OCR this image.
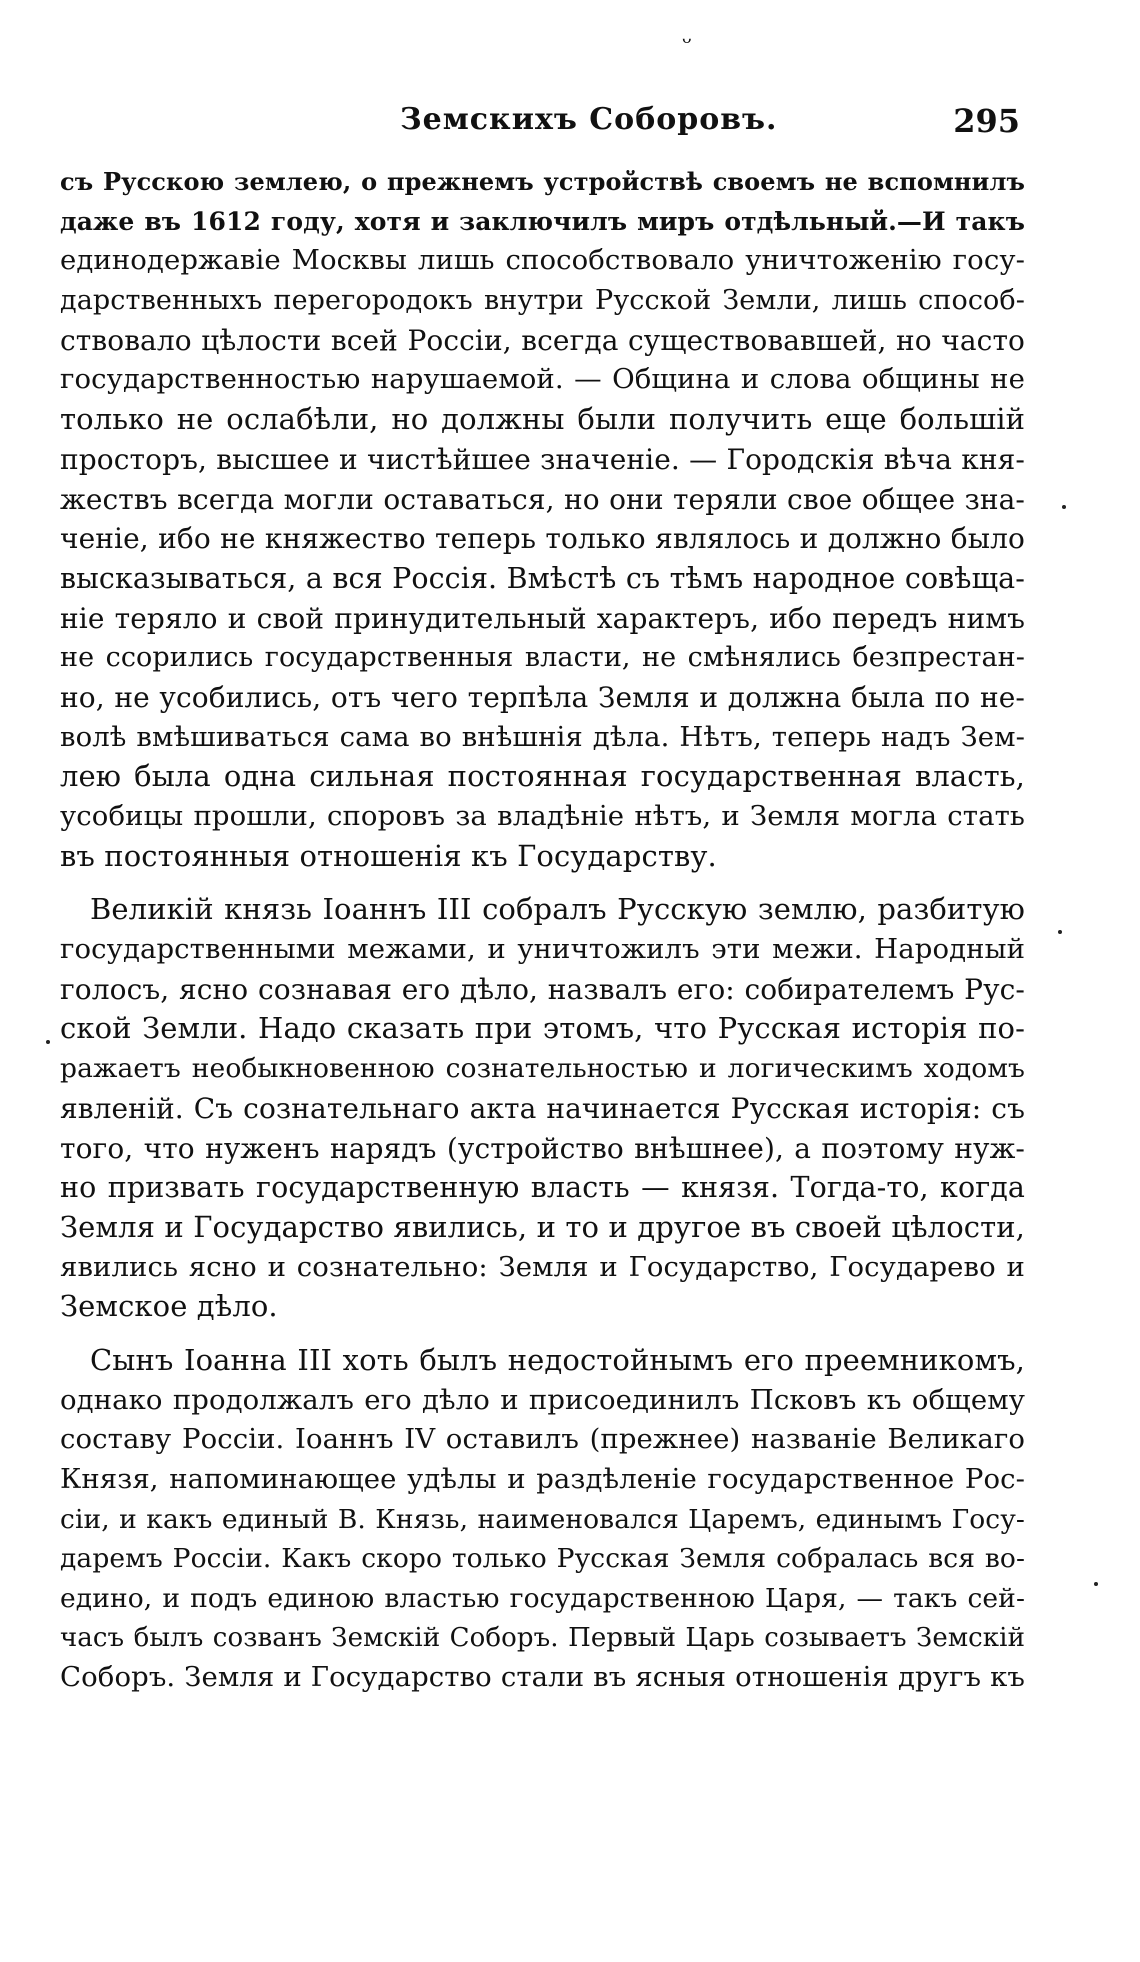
ᴗ
Земскихъ Соборовъ.	295
съ Русскою землею, о прежнемъ устройствѣ своемъ не вспомнилъ
даже въ 1612 году, хотя и заключилъ миръ отдѣльный.—И такъ
единодержавіе Москвы лишь способствовало уничтоженію госу-
дарственныхъ перегородокъ внутри Русской Земли, лишь способ-
ствовало цѣлости всей Россіи, всегда существовавшей, но часто
государственностью нарушаемой. — Община и слова общины не
только не ослабѣли, но должны были получить еще большій
просторъ, высшее и чистѣйшее значеніе. — Городскія вѣча кня-
жествъ всегда могли оставаться, но они теряли свое общее зна-
ченіе, ибо не княжество теперь только являлось и должно было
высказываться, а вся Россія. Вмѣстѣ съ тѣмъ народное совѣща-
ніе теряло и свой принудительный характеръ, ибо передъ нимъ
не ссорились государственныя власти, не смѣнялись безпрестан-
но, не усобились, отъ чего терпѣла Земля и должна была по не-
волѣ вмѣшиваться сама во внѣшнія дѣла. Нѣтъ, теперь надъ Зем-
лею была одна сильная постоянная государственная власть,
усобицы прошли, споровъ за владѣніе нѣтъ, и Земля могла стать
въ постоянныя отношенія къ Государству.
Великій князь Іоаннъ III собралъ Русскую землю, разбитую
государственными межами, и уничтожилъ эти межи. Народный
голосъ, ясно сознавая его дѣло, назвалъ его: собирателемъ Рус-
ской Земли. Надо сказать при этомъ, что Русская исторія по-
ражаетъ необыкновенною сознательностью и логическимъ ходомъ
явленій. Съ сознательнаго акта начинается Русская исторія: съ
того, что нуженъ нарядъ (устройство внѣшнее), а поэтому нуж-
но призвать государственную власть — князя. Тогда-то, когда
Земля и Государство явились, и то и другое въ своей цѣлости,
явились ясно и сознательно: Земля и Государство, Государево и
Земское дѣло.
Сынъ Іоанна III хоть былъ недостойнымъ его преемникомъ,
однако продолжалъ его дѣло и присоединилъ Псковъ къ общему
составу Россіи. Іоаннъ IV оставилъ (прежнее) названіе Великаго
Князя, напоминающее удѣлы и раздѣленіе государственное Рос-
сіи, и какъ единый В. Князь, наименовался Царемъ, единымъ Госу-
даремъ Россіи. Какъ скоро только Русская Земля собралась вся во-
едино, и подъ единою властью государственною Царя, — такъ сей-
часъ былъ созванъ Земскій Соборъ. Первый Царь созываетъ Земскій
Соборъ. Земля и Государство стали въ ясныя отношенія другъ къ
